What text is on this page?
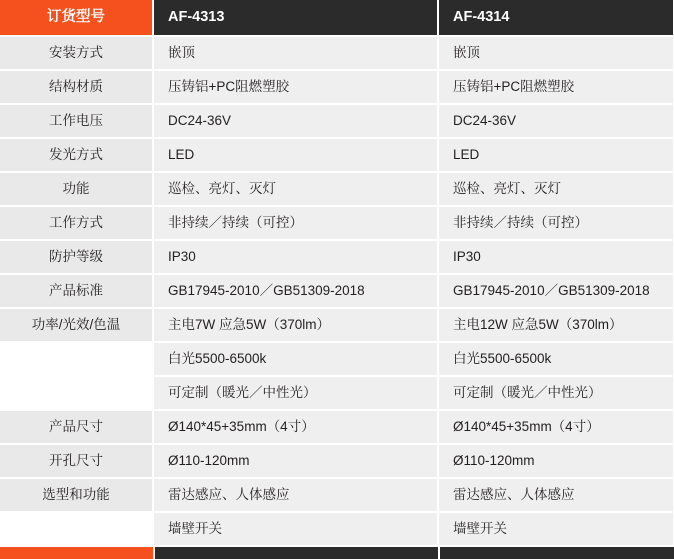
订货型号	AF-4313	AF-4314
安装方式	嵌顶	嵌顶
结构材质	压铸铝+PC阻燃塑胶	压铸铝+PC阻燃塑胶
工作电压	DC24-36V	DC24-36V
发光方式	LED	LED
功能	巡检、亮灯、灭灯	巡检、亮灯、灭灯
工作方式	非持续／持续（可控）	非持续／持续（可控）
防护等级	IP30	IP30
产品标准	GB17945-2010／GB51309-2018	GB17945-2010／GB51309-2018
功率/光效/色温	主电7W 应急5W（370lm）	主电12W 应急5W（370lm）
	白光5500-6500k	白光5500-6500k
	可定制（暖光／中性光）	可定制（暖光／中性光）
产品尺寸	Ø140*45+35mm（4寸）	Ø140*45+35mm（4寸）
开孔尺寸	Ø110-120mm	Ø110-120mm
选型和功能	雷达感应、人体感应	雷达感应、人体感应
	墙壁开关	墙壁开关
